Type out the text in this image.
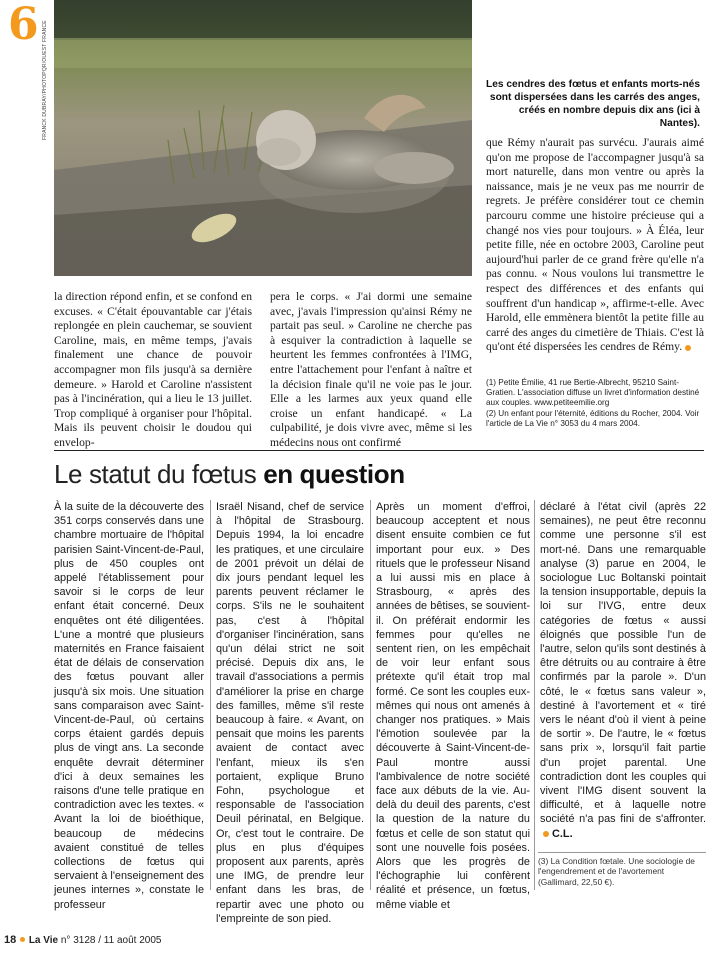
FRANCK DUBRAY/PHOTOPQR/OUEST FRANCE
6
Les cendres des fœtus et enfants morts-nés sont dispersées dans les carrés des anges, créés en nombre depuis dix ans (ici à Nantes).
la direction répond enfin, et se confond en excuses. « C'était épouvantable car j'étais replongée en plein cauchemar, se souvient Caroline, mais, en même temps, j'avais finalement une chance de pouvoir accompagner mon fils jusqu'à sa dernière demeure. » Harold et Caroline n'assistent pas à l'incinération, qui a lieu le 13 juillet. Trop compliqué à organiser pour l'hôpital. Mais ils peuvent choisir le doudou qui envelop-
pera le corps. « J'ai dormi une semaine avec, j'avais l'impression qu'ainsi Rémy ne partait pas seul. » Caroline ne cherche pas à esquiver la contradiction à laquelle se heurtent les femmes confrontées à l'IMG, entre l'attachement pour l'enfant à naître et la décision finale qu'il ne voie pas le jour. Elle a les larmes aux yeux quand elle croise un enfant handicapé. « La culpabilité, je dois vivre avec, même si les médecins nous ont confirmé
que Rémy n'aurait pas survécu. J'aurais aimé qu'on me propose de l'accompagner jusqu'à sa mort naturelle, dans mon ventre ou après la naissance, mais je ne veux pas me nourrir de regrets. Je préfère considérer tout ce chemin parcouru comme une histoire précieuse qui a changé nos vies pour toujours. » À Éléa, leur petite fille, née en octobre 2003, Caroline peut aujourd'hui parler de ce grand frère qu'elle n'a pas connu. « Nous voulons lui transmettre le respect des différences et des enfants qui souffrent d'un handicap », affirme-t-elle. Avec Harold, elle emmènera bientôt la petite fille au carré des anges du cimetière de Thiais. C'est là qu'ont été dispersées les cendres de Rémy.
(1) Petite Émilie, 41 rue Bertie-Albrecht, 95210 Saint-Gratien. L'association diffuse un livret d'information destiné aux couples. www.petiteemilie.org
(2) Un enfant pour l'éternité, éditions du Rocher, 2004. Voir l'article de La Vie n° 3053 du 4 mars 2004.
Le statut du fœtus en question
À la suite de la découverte des 351 corps conservés dans une chambre mortuaire de l'hôpital parisien Saint-Vincent-de-Paul, plus de 450 couples ont appelé l'établissement pour savoir si le corps de leur enfant était concerné. Deux enquêtes ont été diligentées. L'une a montré que plusieurs maternités en France faisaient état de délais de conservation des fœtus pouvant aller jusqu'à six mois. Une situation sans comparaison avec Saint-Vincent-de-Paul, où certains corps étaient gardés depuis plus de vingt ans. La seconde enquête devrait déterminer d'ici à deux semaines les raisons d'une telle pratique en contradiction avec les textes. « Avant la loi de bioéthique, beaucoup de médecins avaient constitué de telles collections de fœtus qui servaient à l'enseignement des jeunes internes », constate le professeur
Israël Nisand, chef de service à l'hôpital de Strasbourg. Depuis 1994, la loi encadre les pratiques, et une circulaire de 2001 prévoit un délai de dix jours pendant lequel les parents peuvent réclamer le corps. S'ils ne le souhaitent pas, c'est à l'hôpital d'organiser l'incinération, sans qu'un délai strict ne soit précisé. Depuis dix ans, le travail d'associations a permis d'améliorer la prise en charge des familles, même s'il reste beaucoup à faire. « Avant, on pensait que moins les parents avaient de contact avec l'enfant, mieux ils s'en portaient, explique Bruno Fohn, psychologue et responsable de l'association Deuil périnatal, en Belgique. Or, c'est tout le contraire. De plus en plus d'équipes proposent aux parents, après une IMG, de prendre leur enfant dans les bras, de repartir avec une photo ou l'empreinte de son pied.
Après un moment d'effroi, beaucoup acceptent et nous disent ensuite combien ce fut important pour eux. » Des rituels que le professeur Nisand a lui aussi mis en place à Strasbourg, « après des années de bêtises, se souvient-il. On préférait endormir les femmes pour qu'elles ne sentent rien, on les empêchait de voir leur enfant sous prétexte qu'il était trop mal formé. Ce sont les couples eux-mêmes qui nous ont amenés à changer nos pratiques. » Mais l'émotion soulevée par la découverte à Saint-Vincent-de-Paul montre aussi l'ambivalence de notre société face aux débuts de la vie. Au-delà du deuil des parents, c'est la question de la nature du fœtus et celle de son statut qui sont une nouvelle fois posées. Alors que les progrès de l'échographie lui confèrent réalité et présence, un fœtus, même viable et
déclaré à l'état civil (après 22 semaines), ne peut être reconnu comme une personne s'il est mort-né. Dans une remarquable analyse (3) parue en 2004, le sociologue Luc Boltanski pointait la tension insupportable, depuis la loi sur l'IVG, entre deux catégories de fœtus « aussi éloignés que possible l'un de l'autre, selon qu'ils sont destinés à être détruits ou au contraire à être confirmés par la parole ». D'un côté, le « fœtus sans valeur », destiné à l'avortement et « tiré vers le néant d'où il vient à peine de sortir ». De l'autre, le « fœtus sans prix », lorsqu'il fait partie d'un projet parental. Une contradiction dont les couples qui vivent l'IMG disent souvent la difficulté, et à laquelle notre société n'a pas fini de s'affronter.  C.L.
(3) La Condition fœtale. Une sociologie de l'engendrement et de l'avortement (Gallimard, 22,50 €).
18 La Vie n° 3128 / 11 août 2005
